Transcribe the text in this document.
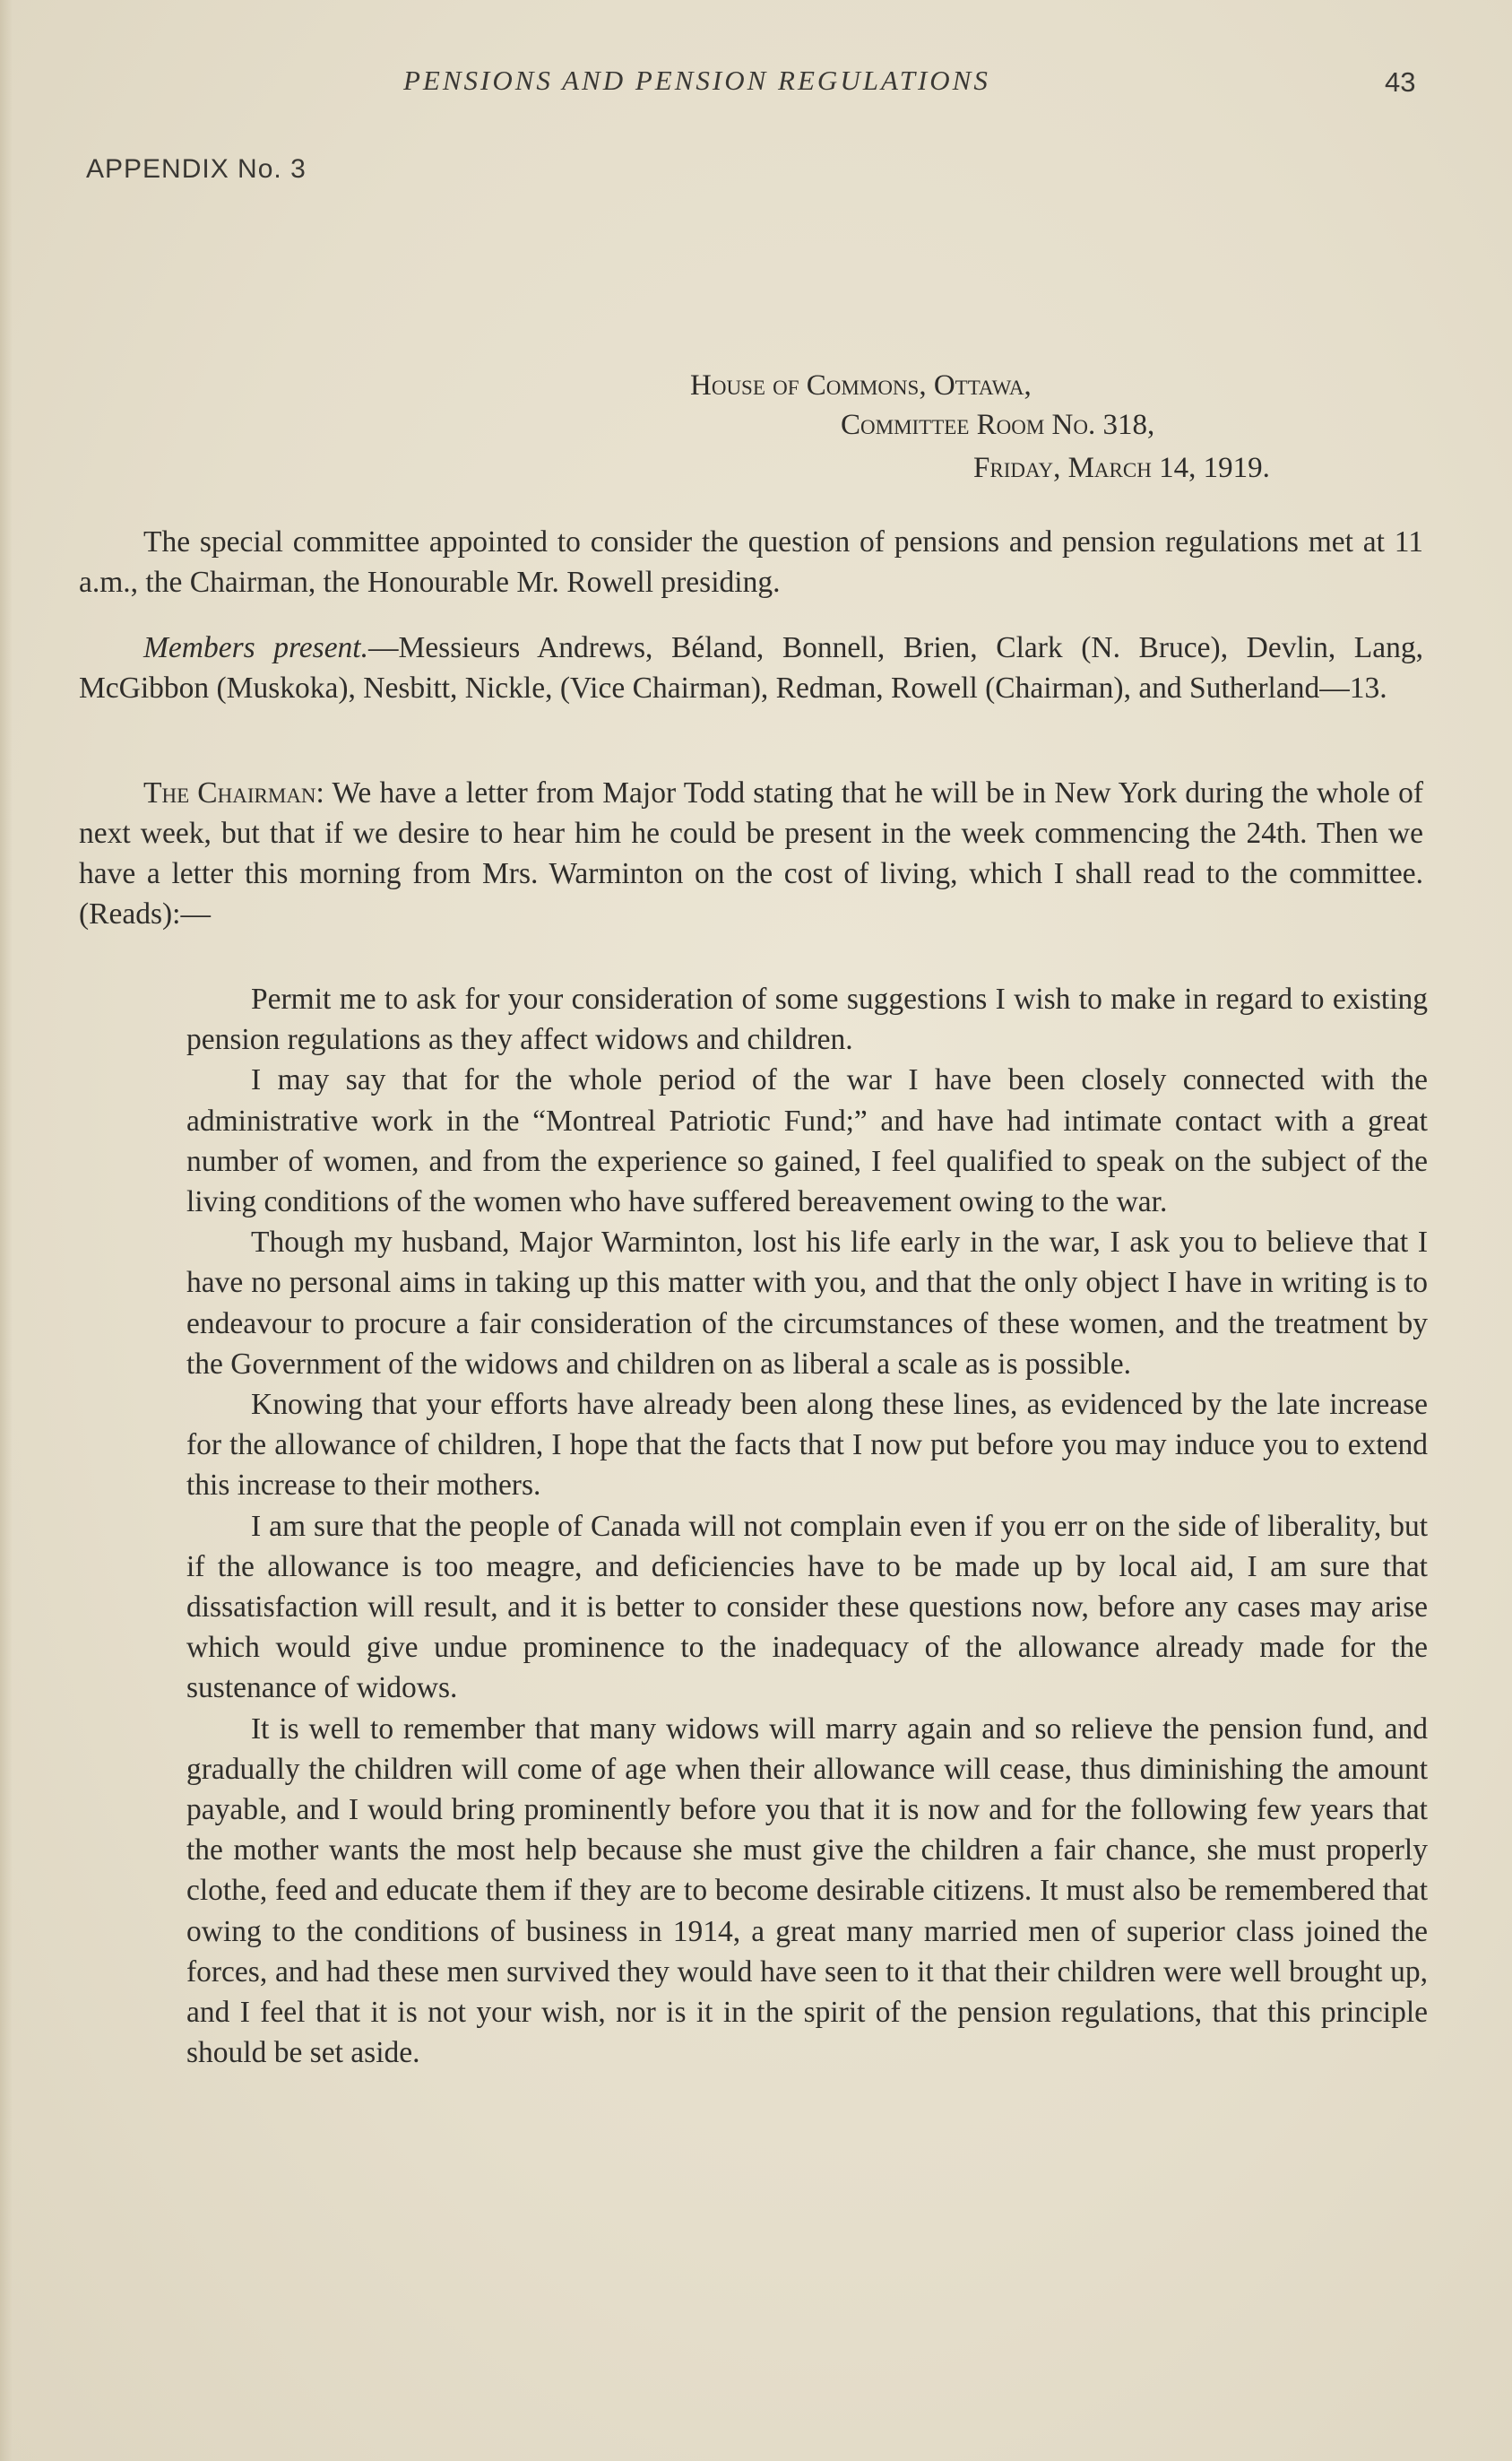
PENSIONS AND PENSION REGULATIONS	43
APPENDIX No. 3
House of Commons, Ottawa,
Committee Room No. 318,
Friday, March 14, 1919.
The special committee appointed to consider the question of pensions and pension regulations met at 11 a.m., the Chairman, the Honourable Mr. Rowell presiding.
Members present.—Messieurs Andrews, Béland, Bonnell, Brien, Clark (N. Bruce), Devlin, Lang, McGibbon (Muskoka), Nesbitt, Nickle, (Vice Chairman), Redman, Rowell (Chairman), and Sutherland—13.
The Chairman: We have a letter from Major Todd stating that he will be in New York during the whole of next week, but that if we desire to hear him he could be present in the week commencing the 24th. Then we have a letter this morning from Mrs. Warminton on the cost of living, which I shall read to the committee. (Reads):—

Permit me to ask for your consideration of some suggestions I wish to make in regard to existing pension regulations as they affect widows and children.

I may say that for the whole period of the war I have been closely connected with the administrative work in the “Montreal Patriotic Fund;” and have had intimate contact with a great number of women, and from the experience so gained, I feel qualified to speak on the subject of the living conditions of the women who have suffered bereavement owing to the war.

Though my husband, Major Warminton, lost his life early in the war, I ask you to believe that I have no personal aims in taking up this matter with you, and that the only object I have in writing is to endeavour to procure a fair consideration of the circumstances of these women, and the treatment by the Government of the widows and children on as liberal a scale as is possible.

Knowing that your efforts have already been along these lines, as evidenced by the late increase for the allowance of children, I hope that the facts that I now put before you may induce you to extend this increase to their mothers.

I am sure that the people of Canada will not complain even if you err on the side of liberality, but if the allowance is too meagre, and deficiencies have to be made up by local aid, I am sure that dissatisfaction will result, and it is better to consider these questions now, before any cases may arise which would give undue prominence to the inadequacy of the allowance already made for the sustenance of widows.

It is well to remember that many widows will marry again and so relieve the pension fund, and gradually the children will come of age when their allowance will cease, thus diminishing the amount payable, and I would bring prominently before you that it is now and for the following few years that the mother wants the most help because she must give the children a fair chance, she must properly clothe, feed and educate them if they are to become desirable citizens. It must also be remembered that owing to the conditions of business in 1914, a great many married men of superior class joined the forces, and had these men survived they would have seen to it that their children were well brought up, and I feel that it is not your wish, nor is it in the spirit of the pension regulations, that this principle should be set aside.
